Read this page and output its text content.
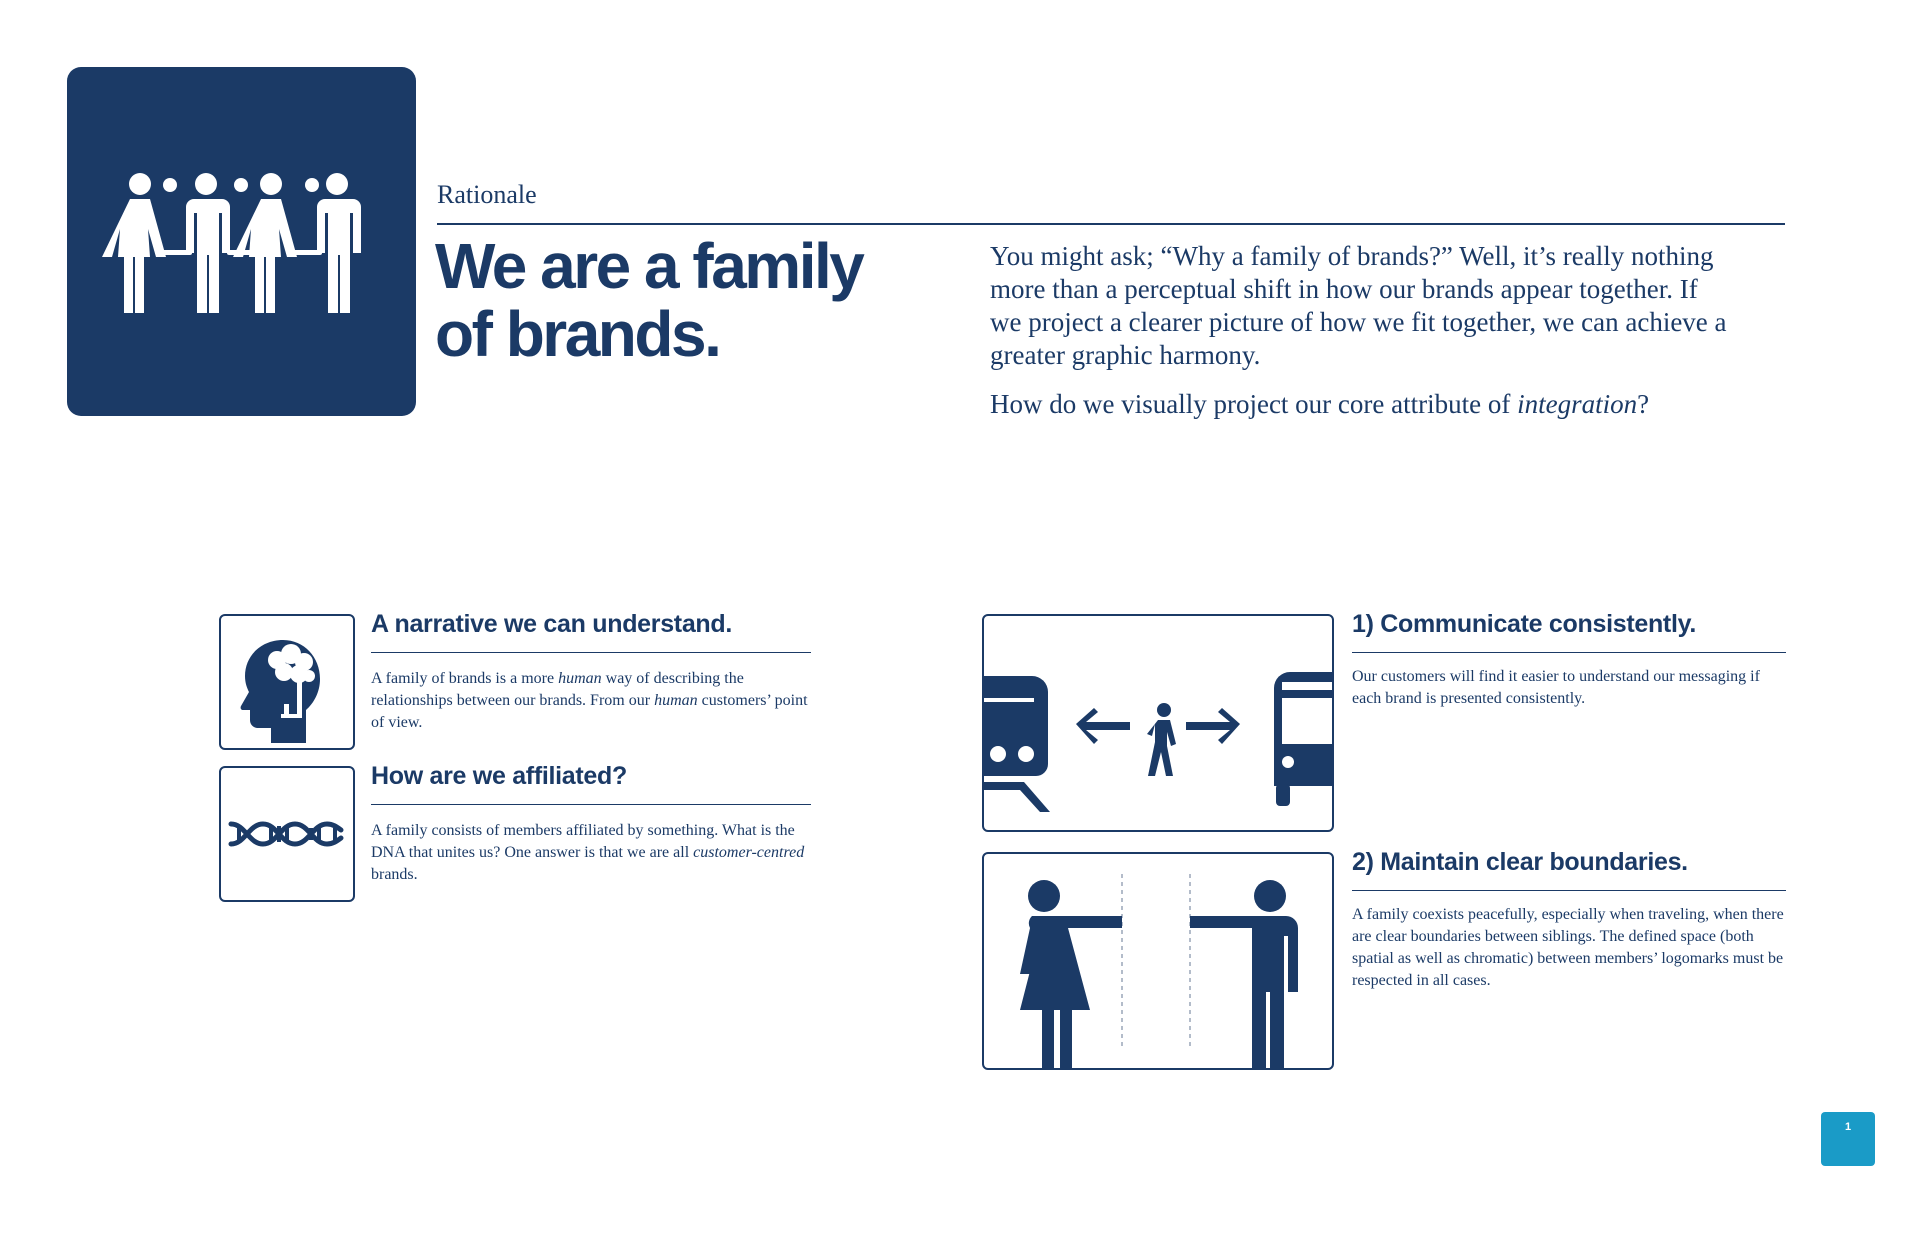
Rationale
We are a family
of brands.

You might ask; “Why a family of brands?” Well, it’s really nothing more than a perceptual shift in how our brands appear together. If we project a clearer picture of how we fit together, we can achieve a greater graphic harmony.

How do we visually project our core attribute of integration?

A narrative we can understand.
A family of brands is a more human way of describing the relationships between our brands. From our human customers’ point of view.
How are we affiliated?
A family consists of members affiliated by something. What is the DNA that unites us? One answer is that we are all customer-centred brands.
1) Communicate consistently.
Our customers will find it easier to understand our messaging if each brand is presented consistently.
2) Maintain clear boundaries.
A family coexists peacefully, especially when traveling, when there are clear boundaries between siblings. The defined space (both spatial as well as chromatic) between members’ logomarks must be respected in all cases.
1
